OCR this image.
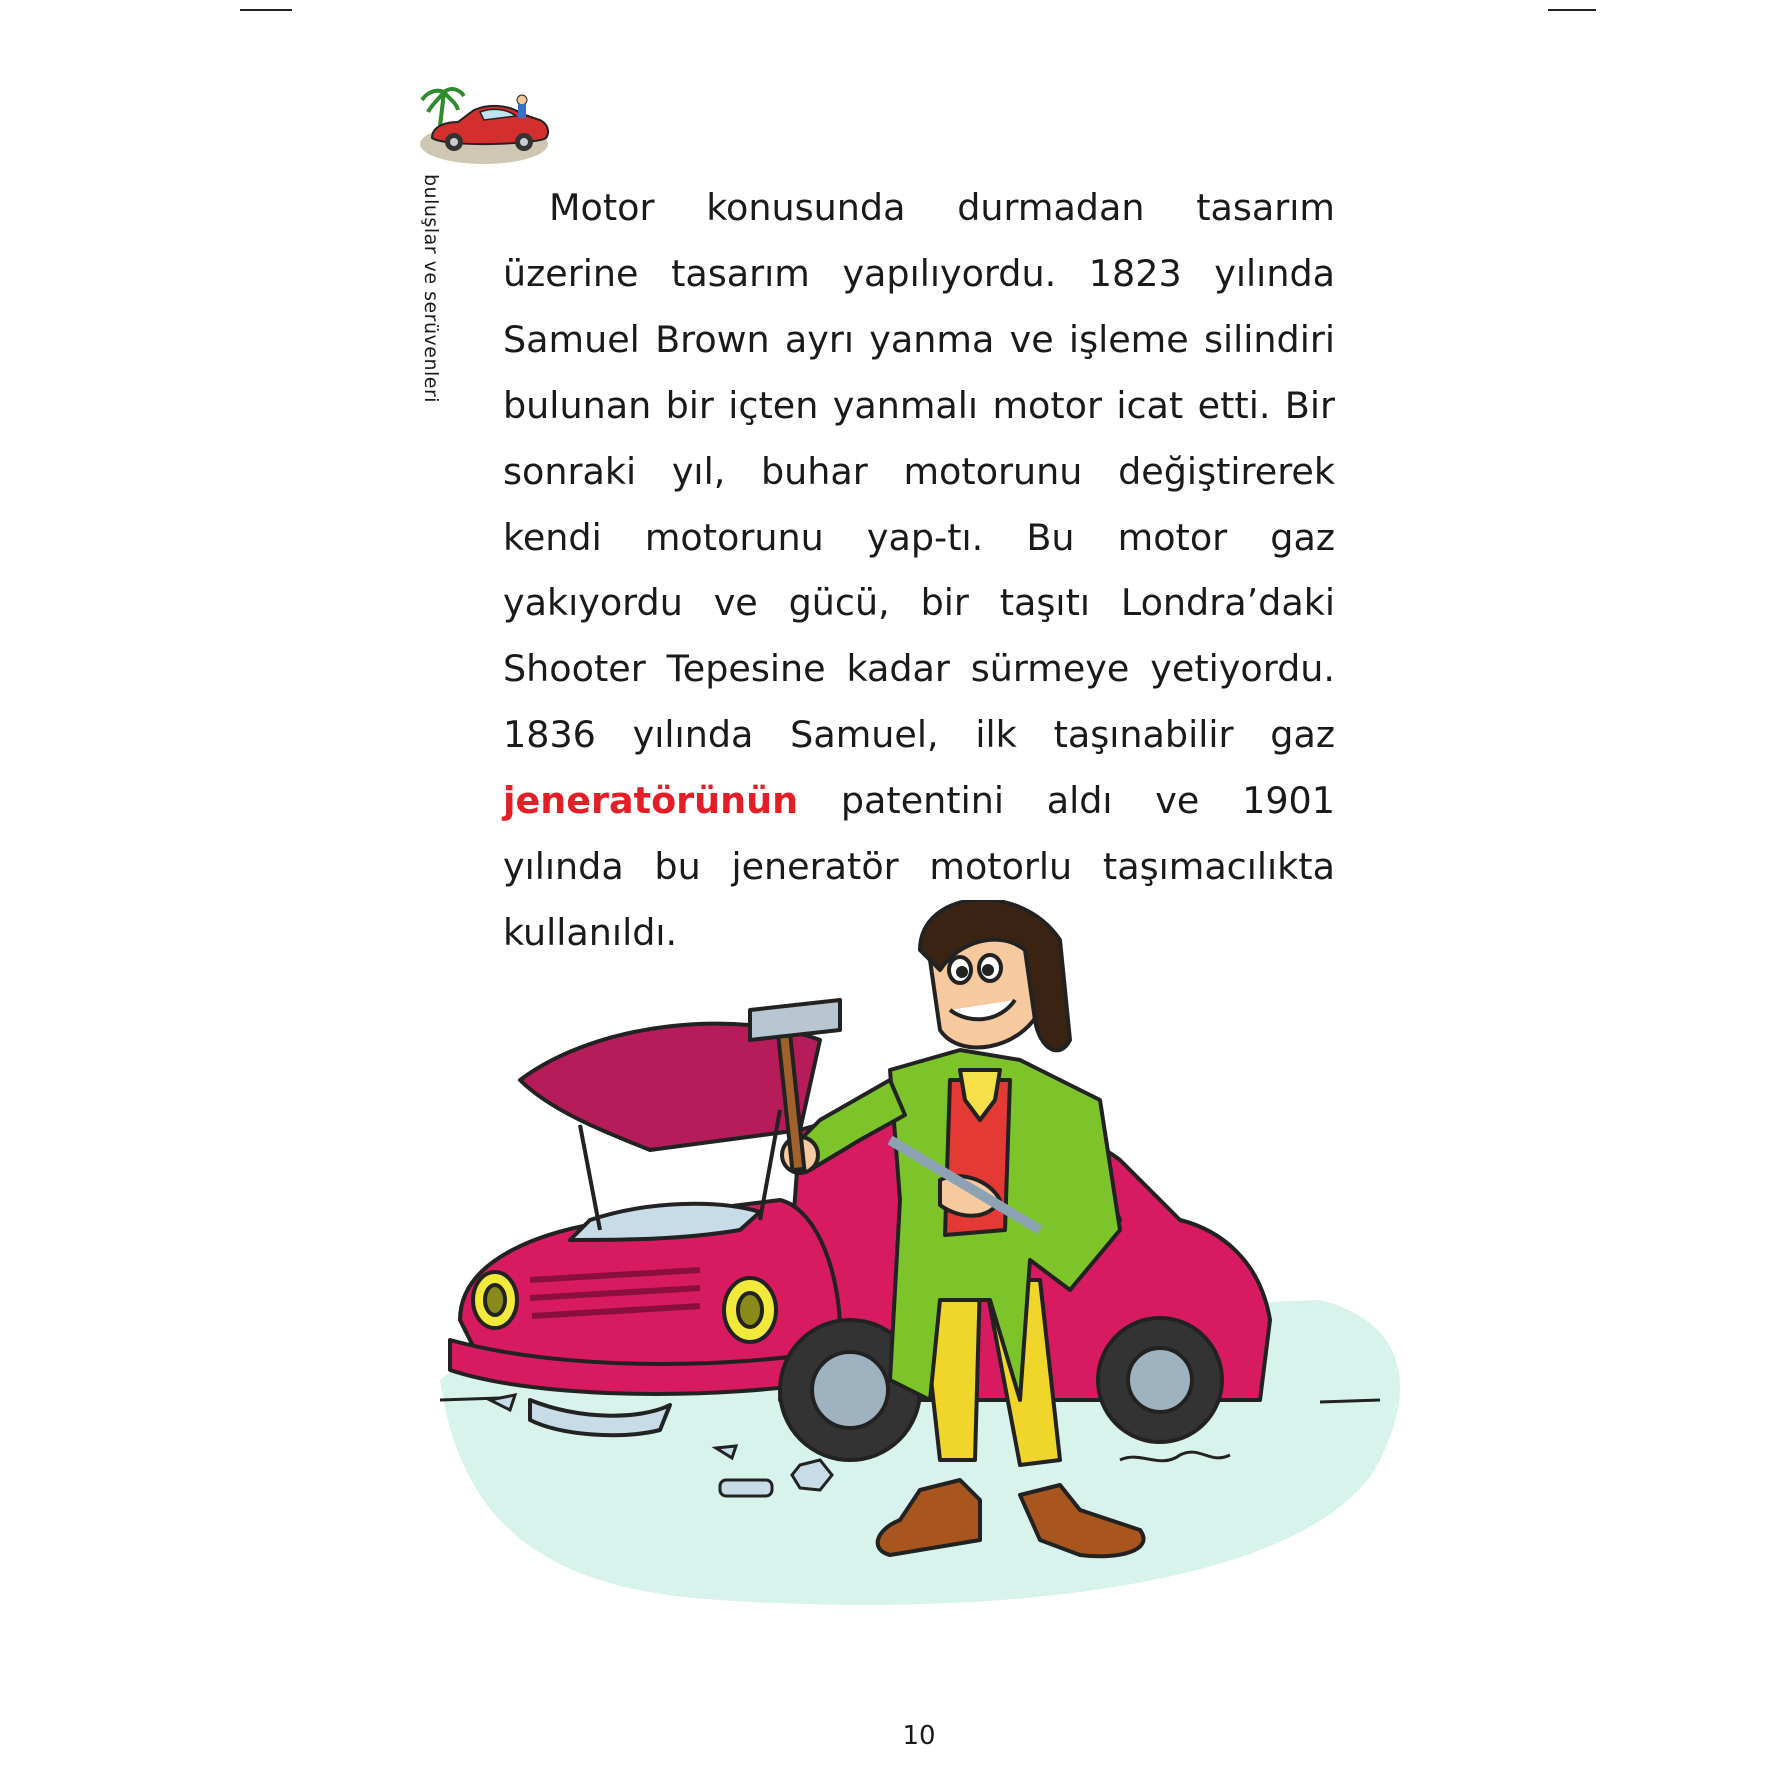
buluşlar ve serüvenleri	Motor konusunda durmadan tasarım üzerine tasarım yapılıyordu. 1823 yılında Samuel Brown ayrı yanma ve işleme silindiri bulunan bir içten yanmalı motor icat etti. Bir sonraki yıl, buhar motorunu değiştirerek kendi motorunu yap-tı. Bu motor gaz yakıyordu ve gücü, bir taşıtı Londra’daki Shooter Tepesine kadar sürmeye yetiyordu. 1836 yılında Samuel, ilk taşınabilir gaz jeneratörünün patentini aldı ve 1901 yılında bu jeneratör motorlu taşımacılıkta kullanıldı.

10
